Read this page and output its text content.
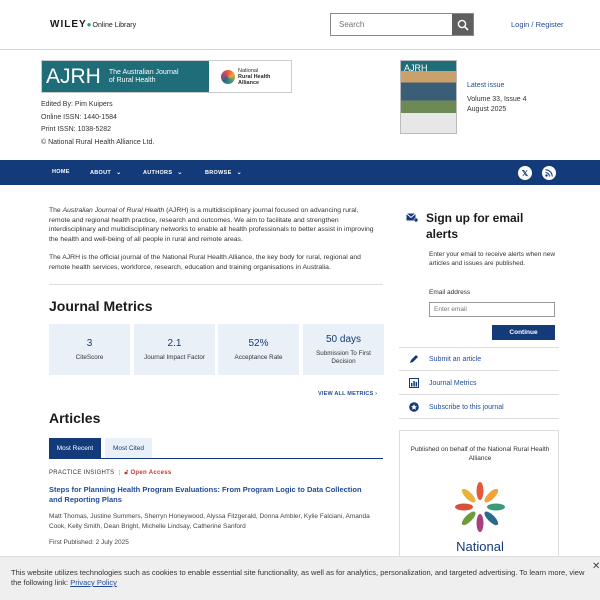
WILEY●Online Library
Search	Login / Register
AJRH The Australian Journal of Rural Health
National
Rural Health
Alliance
Edited By: Pim Kuipers
Online ISSN: 1440-1584
Print ISSN: 1038-5282
© National Rural Health Alliance Ltd.
AJRH
Latest issue
Volume 33, Issue 4
August 2025
HOME	ABOUT ⌄	AUTHORS ⌄	BROWSE ⌄	𝕏

The Australian Journal of Rural Health (AJRH) is a multidisciplinary journal focused on advancing rural, remote and regional health practice, research and outcomes. We aim to facilitate and strengthen interdisciplinary and multidisciplinary networks to enable all health professionals to better assist in improving the health and well-being of all people in rural and remote areas.

The AJRH is the official journal of the National Rural Health Alliance, the key body for rural, regional and remote health services, workforce, research, education and training organisations in Australia.

Journal Metrics
3
CiteScore
2.1
Journal Impact Factor
52%
Acceptance Rate
50 days
Submission To First Decision
VIEW ALL METRICS ›
Articles
Most Recent	Most Cited
PRACTICE INSIGHTS | 🔓︎ Open Access
Steps for Planning Health Program Evaluations: From Program Logic to Data Collection and Reporting Plans
Matt Thomas, Justine Summers, Sherryn Honeywood, Alyssa Fitzgerald, Donna Ambler, Kylie Falciani, Amanda Cook, Kelly Smith, Dean Bright, Michelle Lindsay, Catherine Sanford
First Published: 2 July 2025
Sign up for email alerts
Enter your email to receive alerts when new articles and issues are published.
Email address
Enter email
Continue
Submit an article
Journal Metrics
Subscribe to this journal
Published on behalf of the National Rural Health Alliance
National
This website utilizes technologies such as cookies to enable essential site functionality, as well as for analytics, personalization, and targeted advertising. To learn more, view the following link: Privacy Policy
✕
